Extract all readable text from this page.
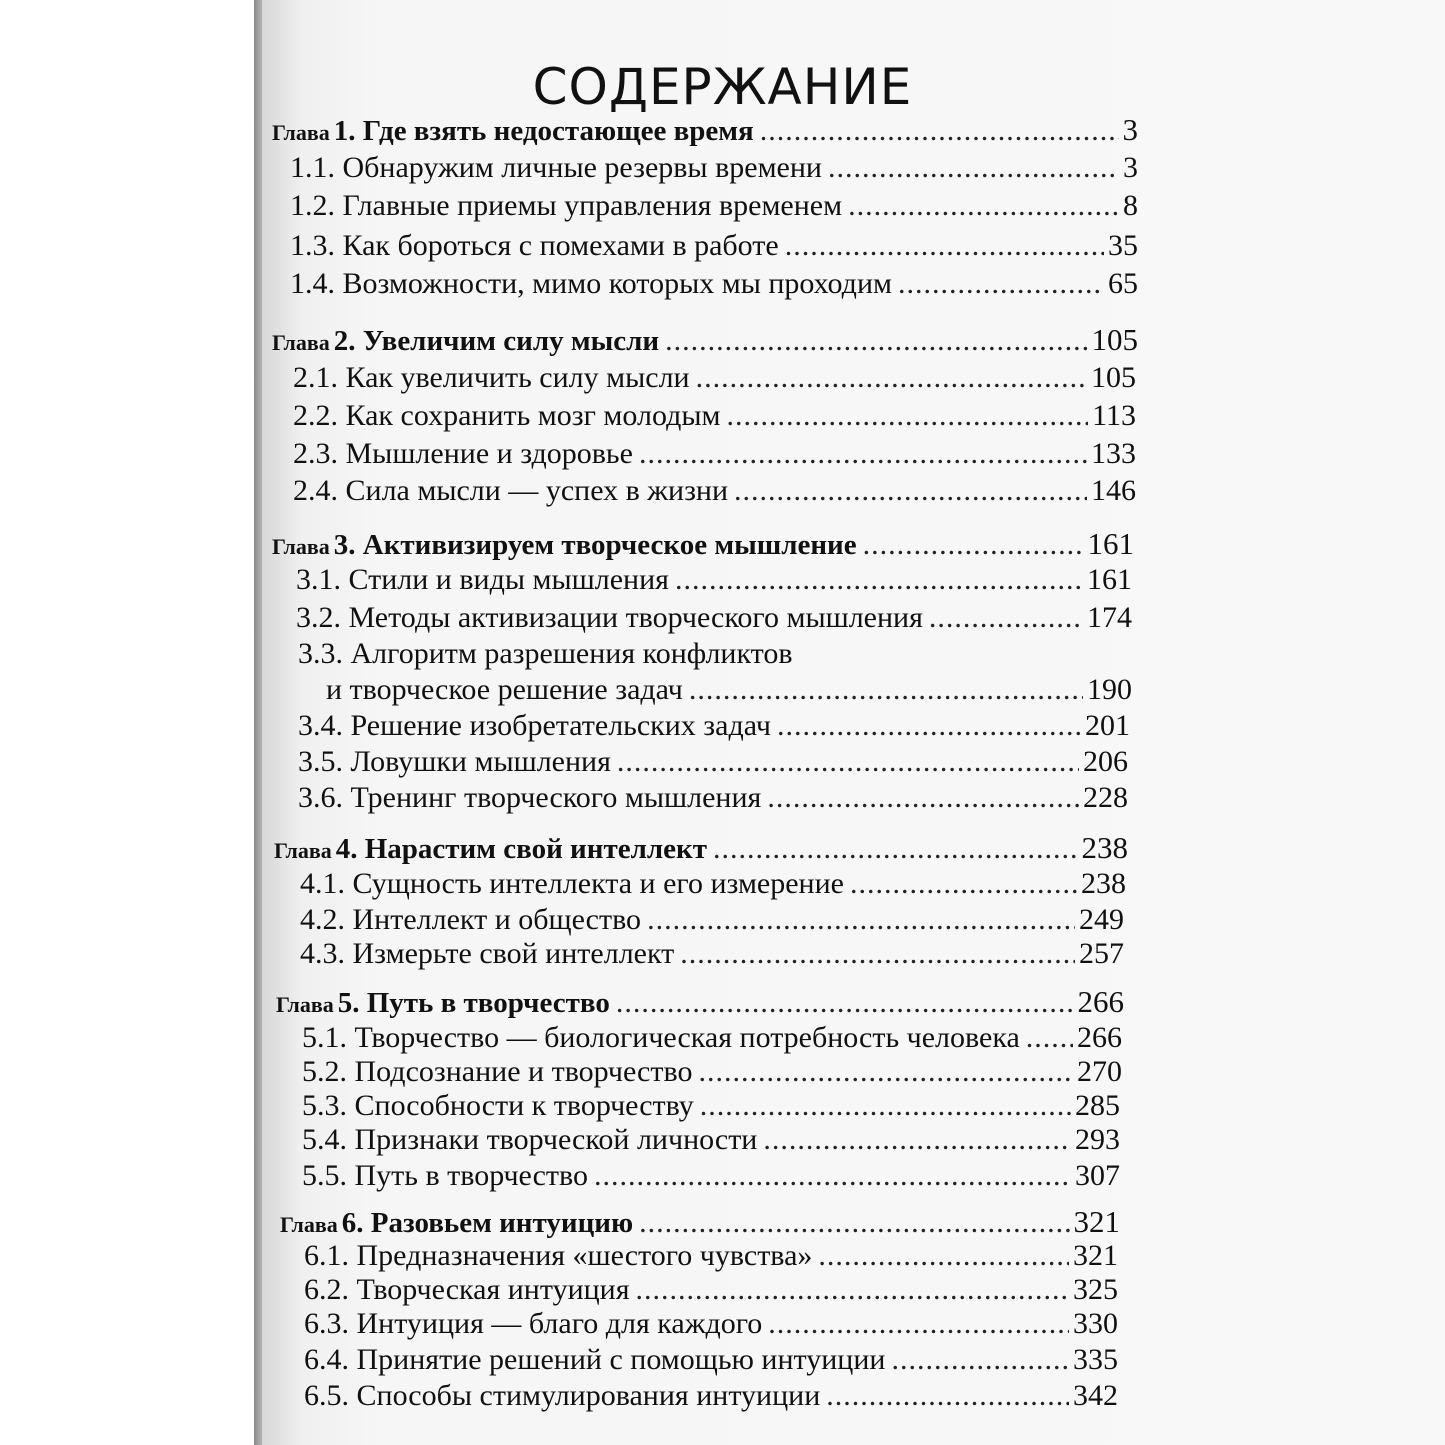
СОДЕРЖАНИЕ
Глава 1. Где взять недостающее время .....	3
1.1. Обнаружим личные резервы времени .....	3
1.2. Главные приемы управления временем .....	8
1.3. Как бороться с помехами в работе .....	35
1.4. Возможности, мимо которых мы проходим .....	65
Глава 2. Увеличим силу мысли .....	105
2.1. Как увеличить силу мысли .....	105
2.2. Как сохранить мозг молодым .....	113
2.3. Мышление и здоровье .....	133
2.4. Сила мысли — успех в жизни .....	146
Глава 3. Активизируем творческое мышление .....	161
3.1. Стили и виды мышления .....	161
3.2. Методы активизации творческого мышления .....	174
3.3. Алгоритм разрешения конфликтов
и творческое решение задач .....	190
3.4. Решение изобретательских задач .....	201
3.5. Ловушки мышления .....	206
3.6. Тренинг творческого мышления .....	228
Глава 4. Нарастим свой интеллект .....	238
4.1. Сущность интеллекта и его измерение .....	238
4.2. Интеллект и общество .....	249
4.3. Измерьте свой интеллект .....	257
Глава 5. Путь в творчество .....	266
5.1. Творчество — биологическая потребность человека ..... 266
5.2. Подсознание и творчество .....	270
5.3. Способности к творчеству .....	285
5.4. Признаки творческой личности .....	293
5.5. Путь в творчество .....	307
Глава 6. Разовьем интуицию .....	321
6.1. Предназначения «шестого чувства» .....	321
6.2. Творческая интуиция .....	325
6.3. Интуиция — благо для каждого .....	330
6.4. Принятие решений с помощью интуиции .....	335
6.5. Способы стимулирования интуиции .....	342
